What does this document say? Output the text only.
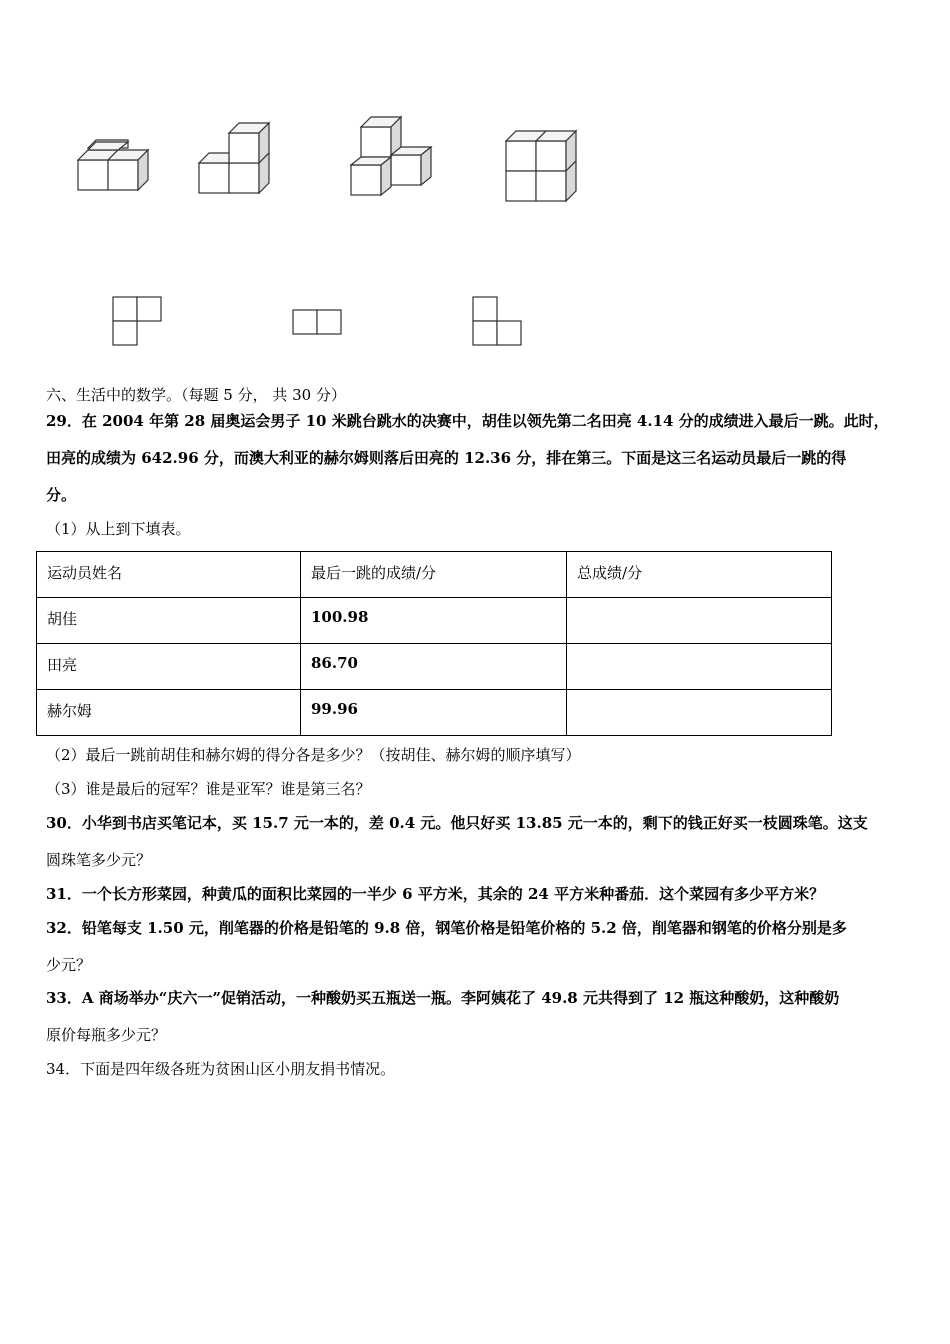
六、生活中的数学。（每题 5 分， 共 30 分）
29．在 2004 年第 28 届奥运会男子 10 米跳台跳水的决赛中，胡佳以领先第二名田亮 4.14 分的成绩进入最后一跳。此时，
田亮的成绩为 642.96 分，而澳大利亚的赫尔姆则落后田亮的 12.36 分，排在第三。下面是这三名运动员最后一跳的得
分。
（1）从上到下填表。
运动员姓名	最后一跳的成绩/分	总成绩/分
胡佳	100.98	
田亮	86.70	
赫尔姆	99.96	
（2）最后一跳前胡佳和赫尔姆的得分各是多少？（按胡佳、赫尔姆的顺序填写）
（3）谁是最后的冠军？谁是亚军？谁是第三名？
30．小华到书店买笔记本，买 15.7 元一本的，差 0.4 元。他只好买 13.85 元一本的，剩下的钱正好买一枝圆珠笔。这支
圆珠笔多少元？
31．一个长方形菜园，种黄瓜的面积比菜园的一半少 6 平方米，其余的 24 平方米种番茄．这个菜园有多少平方米？
32．铅笔每支 1.50 元，削笔器的价格是铅笔的 9.8 倍，钢笔价格是铅笔价格的 5.2 倍，削笔器和钢笔的价格分别是多
少元？
33．A 商场举办“庆六一”促销活动，一种酸奶买五瓶送一瓶。李阿姨花了 49.8 元共得到了 12 瓶这种酸奶，这种酸奶
原价每瓶多少元？
34．下面是四年级各班为贫困山区小朋友捐书情况。
